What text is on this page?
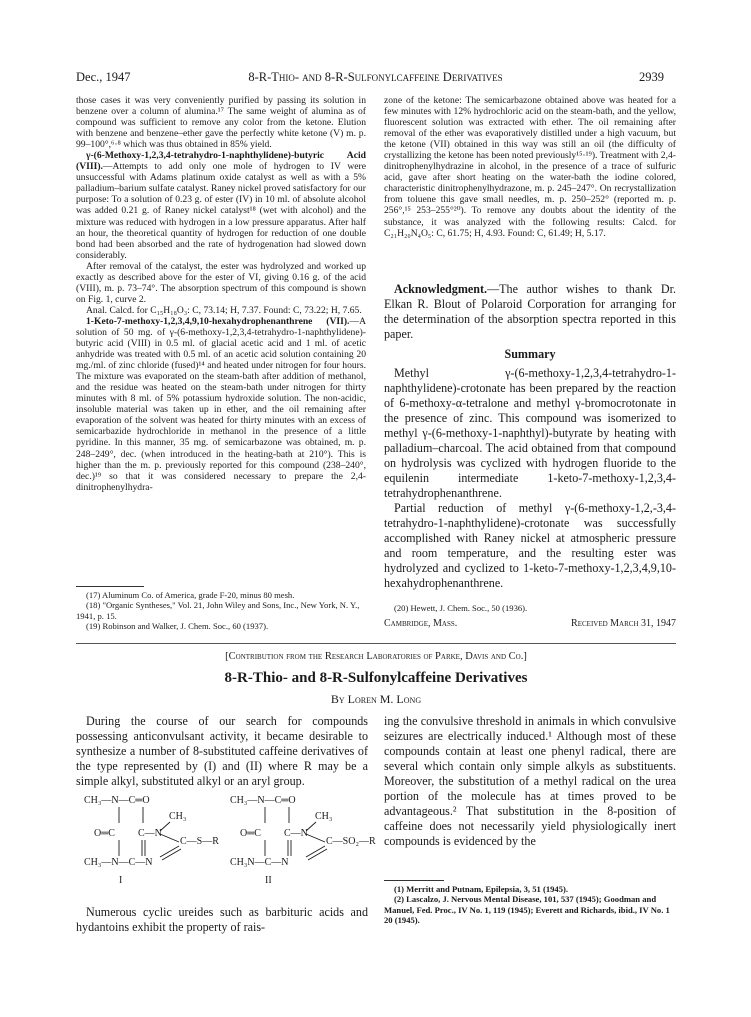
Dec., 1947	8-R-Thio- and 8-R-Sulfonylcaffeine Derivatives	2939

those cases it was very conveniently purified by passing its solution in benzene over a column of alumina.¹⁷ The same weight of alumina as of compound was sufficient to remove any color from the ketone. Elution with benzene and benzene–ether gave the perfectly white ketone (V) m. p. 99–100°,⁶·⁸ which was thus obtained in 85% yield.

γ-(6-Methoxy-1,2,3,4-tetrahydro-1-naphthylidene)-butyric Acid (VIII).—Attempts to add only one mole of hydrogen to IV were unsuccessful with Adams platinum oxide catalyst as well as with a 5% palladium–barium sulfate catalyst. Raney nickel proved satisfactory for our purpose: To a solution of 0.23 g. of ester (IV) in 10 ml. of absolute alcohol was added 0.21 g. of Raney nickel catalyst¹⁸ (wet with alcohol) and the mixture was reduced with hydrogen in a low pressure apparatus. After half an hour, the theoretical quantity of hydrogen for reduction of one double bond had been absorbed and the rate of hydrogenation had slowed down considerably.

After removal of the catalyst, the ester was hydrolyzed and worked up exactly as described above for the ester of VI, giving 0.16 g. of the acid (VIII), m. p. 73–74°. The absorption spectrum of this compound is shown on Fig. 1, curve 2.

Anal. Calcd. for C₁₅H₁₈O₃: C, 73.14; H, 7.37. Found: C, 73.22; H, 7.65.

1-Keto-7-methoxy-1,2,3,4,9,10-hexahydrophenanthrene (VII).—A solution of 50 mg. of γ-(6-methoxy-1,2,3,4-tetrahydro-1-naphthylidene)-butyric acid (VIII) in 0.5 ml. of glacial acetic acid and 1 ml. of acetic anhydride was treated with 0.5 ml. of an acetic acid solution containing 20 mg./ml. of zinc chloride (fused)¹⁴ and heated under nitrogen for four hours. The mixture was evaporated on the steam-bath after addition of methanol, and the residue was heated on the steam-bath under nitrogen for thirty minutes with 8 ml. of 5% potassium hydroxide solution. The non-acidic, insoluble material was taken up in ether, and the oil remaining after evaporation of the solvent was heated for thirty minutes with an excess of semicarbazide hydrochloride in methanol in the presence of a little pyridine. In this manner, 35 mg. of semicarbazone was obtained, m. p. 248–249°, dec. (when introduced in the heating-bath at 210°). This is higher than the m. p. previously reported for this compound (238–240°, dec.)¹⁹ so that it was considered necessary to prepare the 2,4-dinitrophenylhydra-

(17) Aluminum Co. of America, grade F-20, minus 80 mesh.

(18) "Organic Syntheses," Vol. 21, John Wiley and Sons, Inc., New York, N. Y., 1941, p. 15.

(19) Robinson and Walker, J. Chem. Soc., 60 (1937).

zone of the ketone: The semicarbazone obtained above was heated for a few minutes with 12% hydrochloric acid on the steam-bath, and the yellow, fluorescent solution was extracted with ether. The oil remaining after removal of the ether was evaporatively distilled under a high vacuum, but the ketone (VII) obtained in this way was still an oil (the difficulty of crystallizing the ketone has been noted previously¹⁵·¹⁹). Treatment with 2,4-dinitrophenylhydrazine in alcohol, in the presence of a trace of sulfuric acid, gave after short heating on the water-bath the iodine colored, characteristic dinitrophenylhydrazone, m. p. 245–247°. On recrystallization from toluene this gave small needles, m. p. 250–252° (reported m. p. 256°,¹⁵ 253–255°²⁰). To remove any doubts about the identity of the substance, it was analyzed with the following results: Calcd. for C₂₁H₂₀N₄O₅: C, 61.75; H, 4.93. Found: C, 61.49; H, 5.17.

Acknowledgment.—The author wishes to thank Dr. Elkan R. Blout of Polaroid Corporation for arranging for the determination of the absorption spectra reported in this paper.

Summary

Methyl γ-(6-methoxy-1,2,3,4-tetrahydro-1-naphthylidene)-crotonate has been prepared by the reaction of 6-methoxy-α-tetralone and methyl γ-bromocrotonate in the presence of zinc. This compound was isomerized to methyl γ-(6-methoxy-1-naphthyl)-butyrate by heating with palladium–charcoal. The acid obtained from that compound on hydrolysis was cyclized with hydrogen fluoride to the equilenin intermediate 1-keto-7-methoxy-1,2,3,4-tetrahydrophenanthrene.

Partial reduction of methyl γ-(6-methoxy-1,2,-3,4-tetrahydro-1-naphthylidene)-crotonate was successfully accomplished with Raney nickel at atmospheric pressure and room temperature, and the resulting ester was hydrolyzed and cyclized to 1-keto-7-methoxy-1,2,3,4,9,10-hexahydrophenanthrene.

(20) Hewett, J. Chem. Soc., 50 (1936).
Cambridge, Mass.	Received March 31, 1947
[Contribution from the Research Laboratories of Parke, Davis and Co.]
8-R-Thio- and 8-R-Sulfonylcaffeine Derivatives
By Loren M. Long

During the course of our search for compounds possessing anticonvulsant activity, it became desirable to synthesize a number of 8-substituted caffeine derivatives of the type represented by (I) and (II) where R may be a simple alkyl, substituted alkyl or an aryl group.

CH₃—N—C═O
CH₃
O═C C—N
C—S—R
CH₃—N—C—N
I
CH₃—N—C═O
CH₃
O═C C—N
C—SO₂—R
CH₃N—C—N
II

Numerous cyclic ureides such as barbituric acids and hydantoins exhibit the property of rais-

ing the convulsive threshold in animals in which convulsive seizures are electrically induced.¹ Although most of these compounds contain at least one phenyl radical, there are several which contain only simple alkyls as substituents. Moreover, the substitution of a methyl radical on the urea portion of the molecule has at times proved to be advantageous.² That substitution in the 8-position of caffeine does not necessarily yield physiologically inert compounds is evidenced by the

(1) Merritt and Putnam, Epilepsia, 3, 51 (1945).

(2) Lascalzo, J. Nervous Mental Disease, 101, 537 (1945); Goodman and Manuel, Fed. Proc., IV No. 1, 119 (1945); Everett and Richards, ibid., IV No. 1 20 (1945).
